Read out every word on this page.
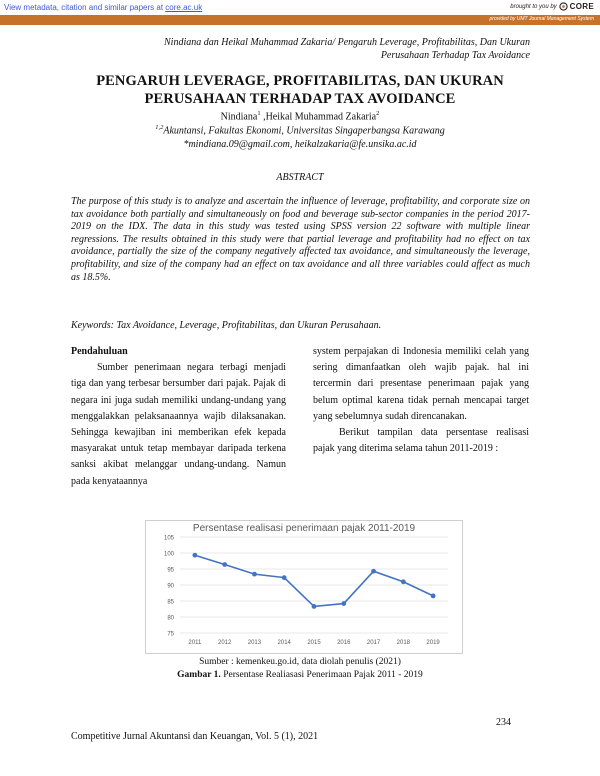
View metadata, citation and similar papers at core.ac.uk	brought to you by CORE
provided by UMT Journal Management System
Nindiana dan Heikal Muhammad Zakaria/ Pengaruh Leverage, Profitabilitas, Dan Ukuran
Perusahaan Terhadap Tax Avoidance
PENGARUH LEVERAGE, PROFITABILITAS, DAN UKURAN
PERUSAHAAN TERHADAP TAX AVOIDANCE
Nindiana$^1$ ,Heikal Muhammad Zakaria$^2$
$^{1,2}$Akuntansi, Fakultas Ekonomi, Universitas Singaperbangsa Karawang
*mindiana.09@gmail.com, heikalzakaria@fe.unsika.ac.id
ABSTRACT
The purpose of this study is to analyze and ascertain the influence of leverage, profitability, and corporate size on tax avoidance both partially and simultaneously on food and beverage sub-sector companies in the period 2017-2019 on the IDX. The data in this study was tested using SPSS version 22 software with multiple linear regressions. The results obtained in this study were that partial leverage and profitability had no effect on tax avoidance, partially the size of the company negatively affected tax avoidance, and simultaneously the leverage, profitability, and size of the company had an effect on tax avoidance and all three variables could affect as much as 18.5%.
Keywords: Tax Avoidance, Leverage, Profitabilitas, dan Ukuran Perusahaan.
Pendahuluan

Sumber penerimaan negara terbagi menjadi tiga dan yang terbesar bersumber dari pajak. Pajak di negara ini juga sudah memiliki undang-undang yang menggalakkan pelaksanaannya wajib dilaksanakan. Sehingga kewajiban ini memberikan efek kepada masyarakat untuk tetap membayar daripada terkena sanksi akibat melanggar undang-undang. Namun pada kenyataannya

system perpajakan di Indonesia memiliki celah yang sering dimanfaatkan oleh wajib pajak. hal ini tercermin dari presentase penerimaan pajak yang belum optimal karena tidak pernah mencapai target yang sebelumnya sudah direncanakan.

Berikut tampilan data persentase realisasi pajak yang diterima selama tahun 2011-2019 :

Persentase realisasi penerimaan pajak 2011-2019
75
80
85
90
95
100
105
2011	2012	2013	2014	2015	2016	2017	2018	2019
Sumber : kemenkeu.go.id, data diolah penulis (2021)
Gambar 1. Persentase Realiasasi Penerimaan Pajak 2011 - 2019
234
Competitive Jurnal Akuntansi dan Keuangan, Vol. 5 (1), 2021
